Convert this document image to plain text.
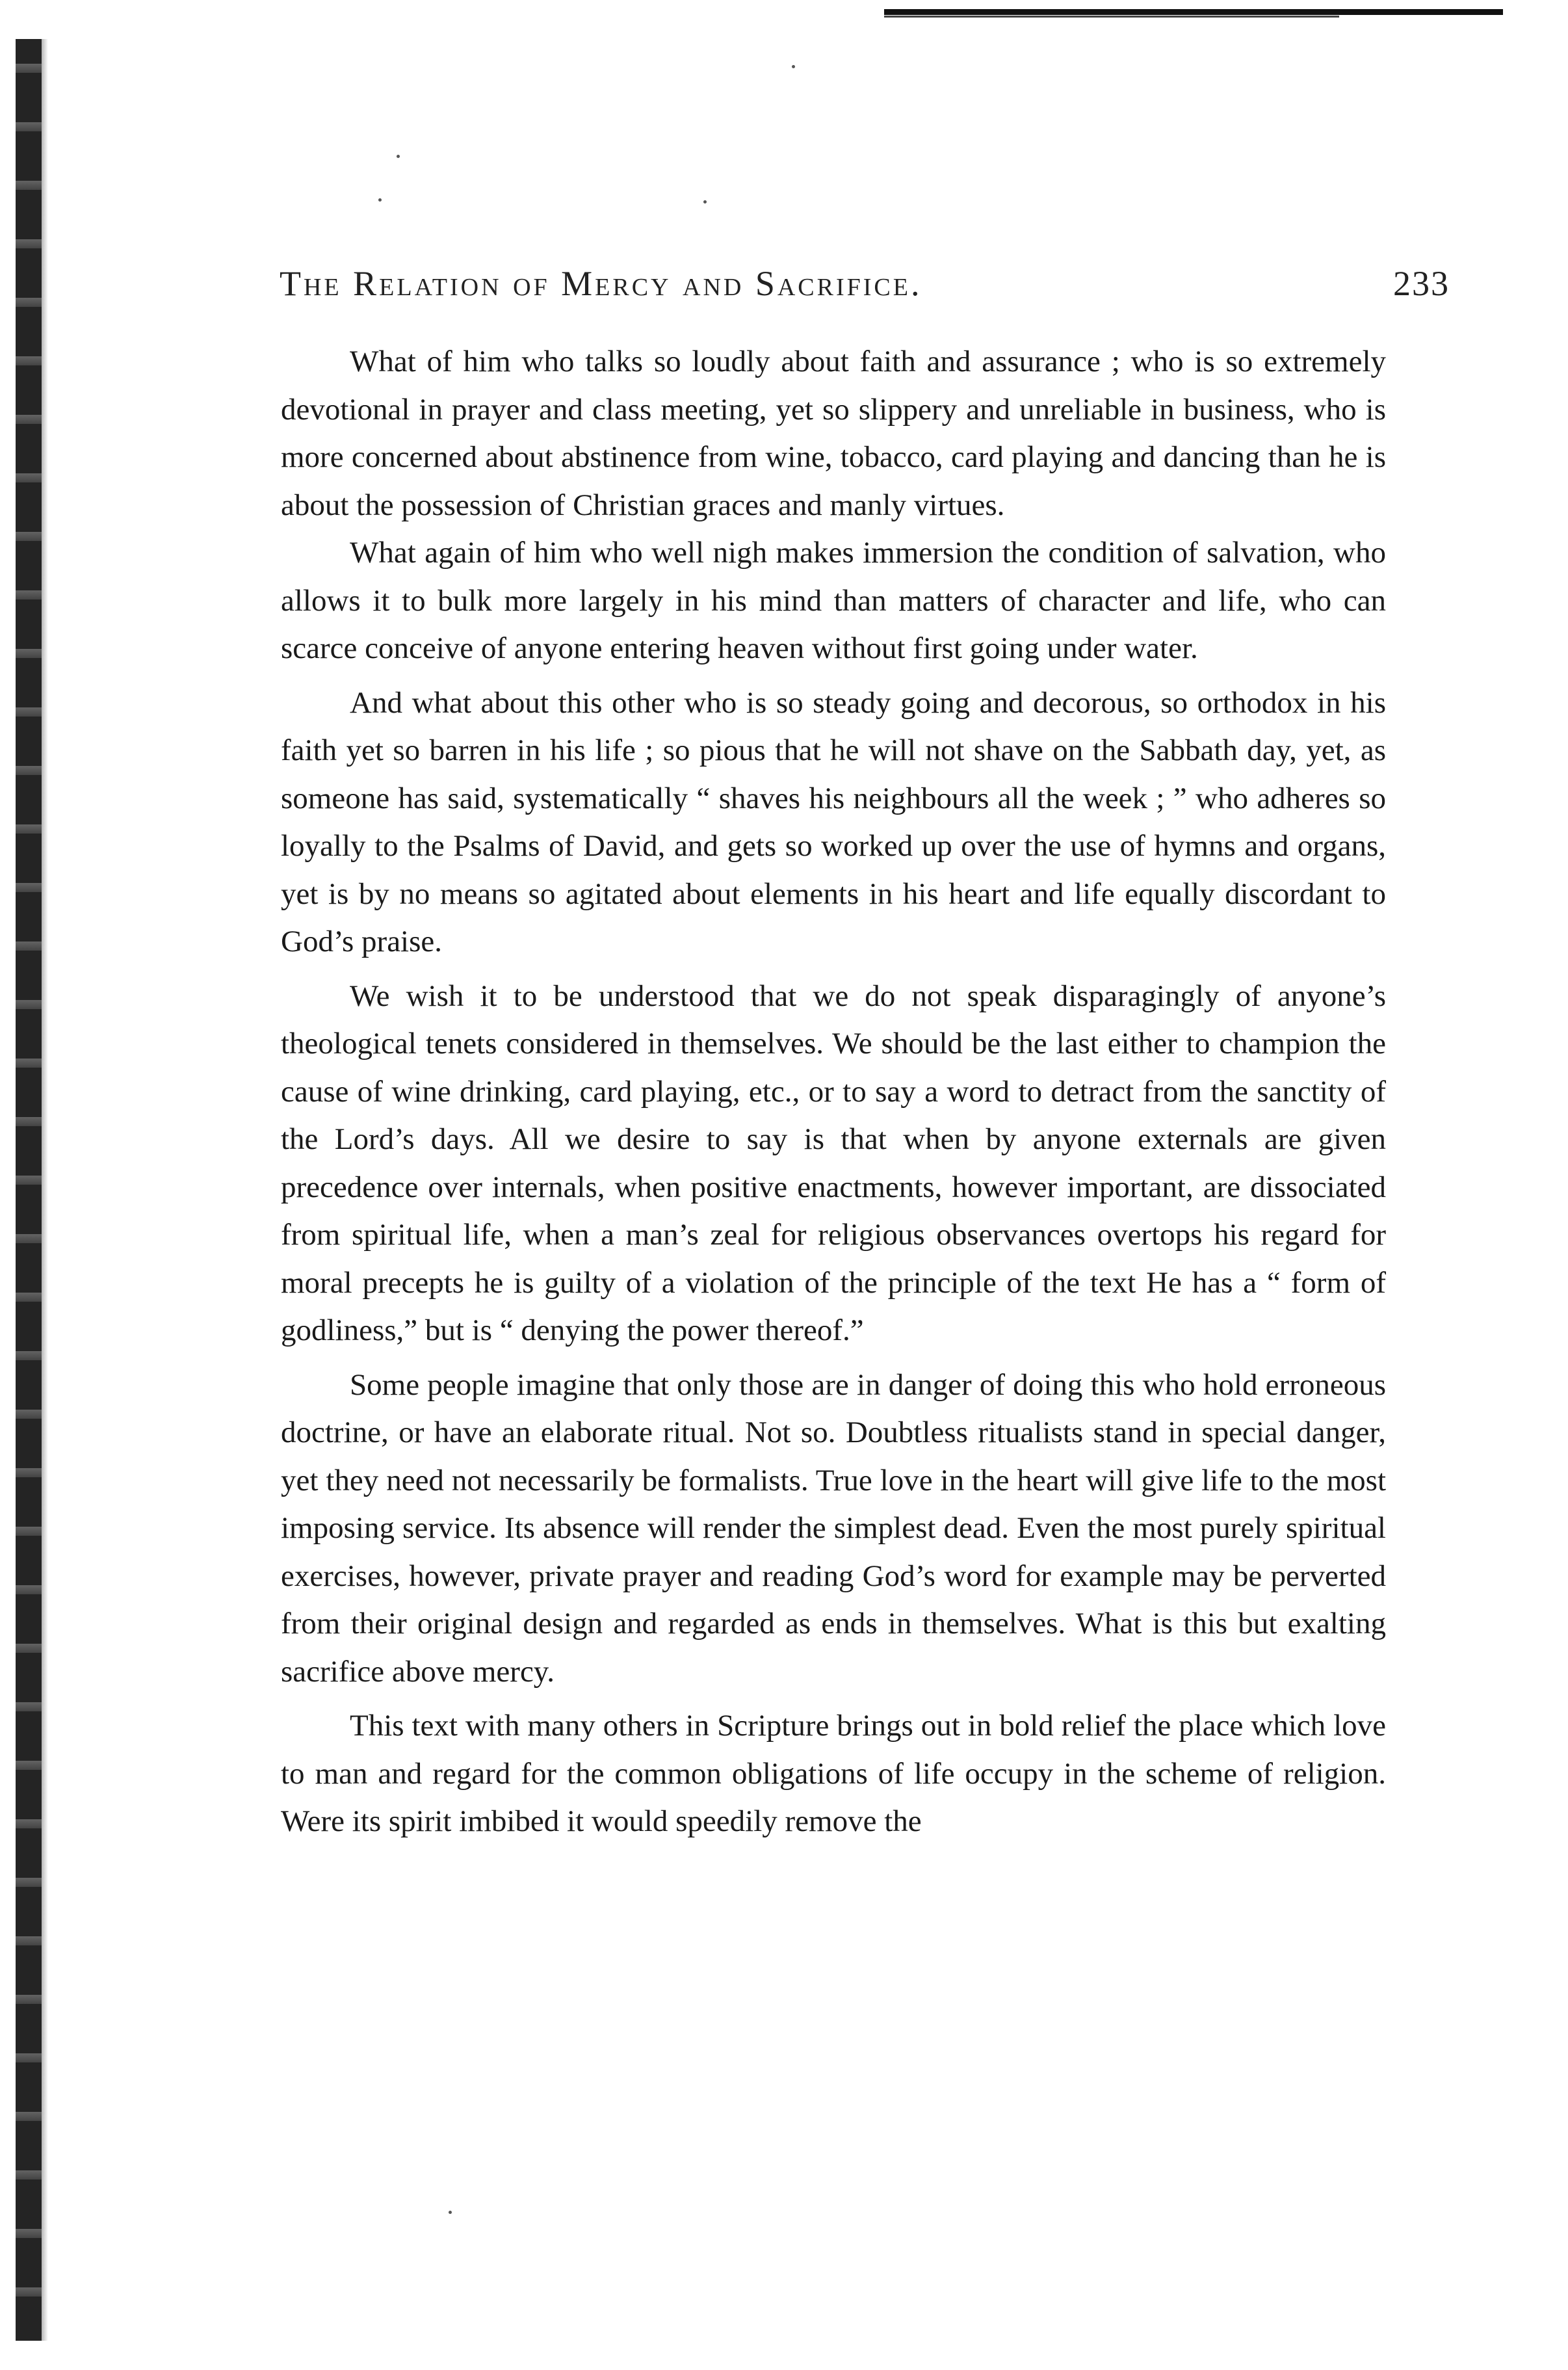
The Relation of Mercy and Sacrifice.	233

What of him who talks so loudly about faith and assurance ; who is so extremely devotional in prayer and class meeting, yet so slippery and unreliable in business, who is more concerned about abstinence from wine, tobacco, card playing and dancing than he is about the possession of Christian graces and manly virtues.

What again of him who well nigh makes immersion the condition of salvation, who allows it to bulk more largely in his mind than matters of character and life, who can scarce conceive of anyone entering heaven without first going under water.

And what about this other who is so steady going and decorous, so orthodox in his faith yet so barren in his life ; so pious that he will not shave on the Sabbath day, yet, as someone has said, systematically “ shaves his neighbours all the week ; ” who adheres so loyally to the Psalms of David, and gets so worked up over the use of hymns and organs, yet is by no means so agitated about elements in his heart and life equally discordant to God’s praise.

We wish it to be understood that we do not speak disparagingly of anyone’s theological tenets considered in themselves. We should be the last either to champion the cause of wine drinking, card playing, etc., or to say a word to detract from the sanctity of the Lord’s days. All we desire to say is that when by anyone externals are given precedence over internals, when positive enactments, however important, are dissociated from spiritual life, when a man’s zeal for religious observances overtops his regard for moral precepts he is guilty of a violation of the principle of the text He has a “ form of godliness,” but is “ denying the power thereof.”

Some people imagine that only those are in danger of doing this who hold erroneous doctrine, or have an elaborate ritual. Not so. Doubtless ritualists stand in special danger, yet they need not necessarily be formalists. True love in the heart will give life to the most imposing service. Its absence will render the simplest dead. Even the most purely spiritual exercises, however, private prayer and reading God’s word for example may be perverted from their original design and regarded as ends in themselves. What is this but exalting sacrifice above mercy.

This text with many others in Scripture brings out in bold relief the place which love to man and regard for the common obligations of life occupy in the scheme of religion. Were its spirit imbibed it would speedily remove the
